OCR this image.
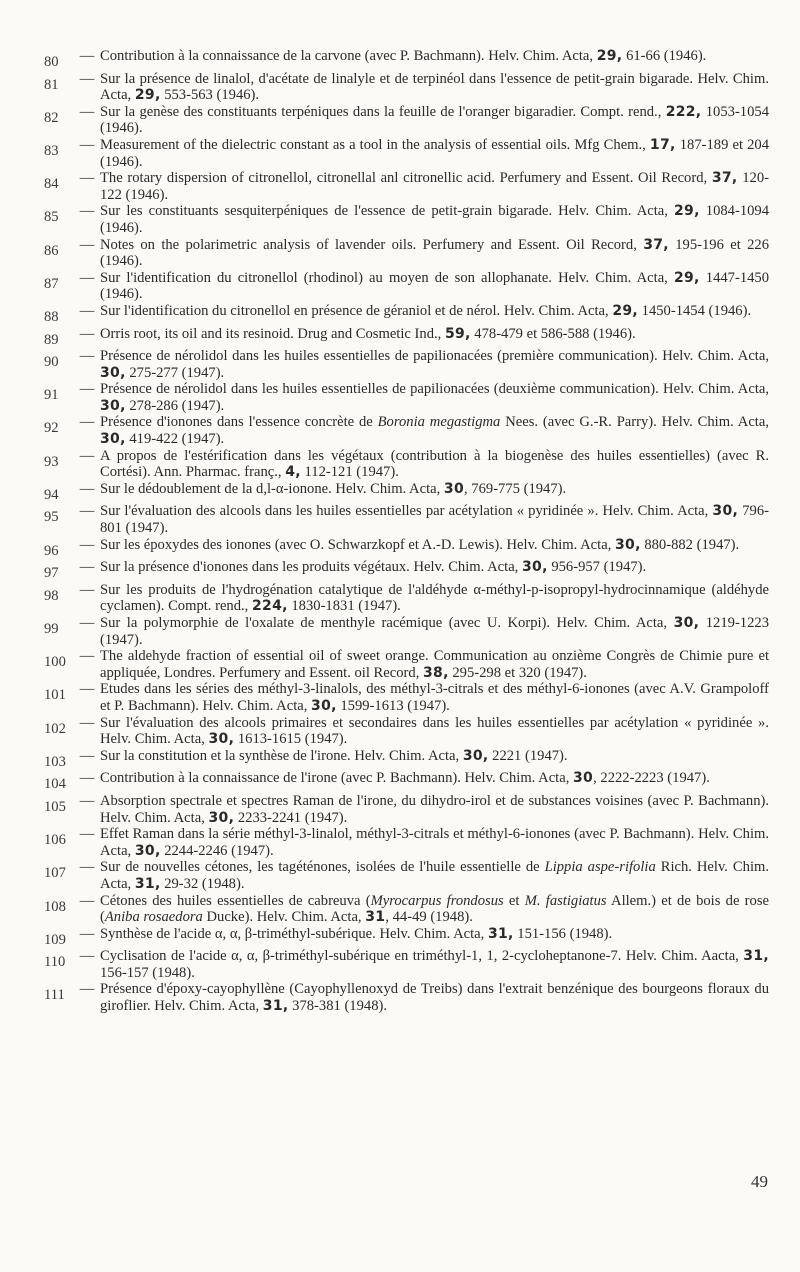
80	— Contribution à la connaissance de la carvone (avec P. Bachmann). Helv. Chim. Acta, 29, 61-66 (1946).
81	— Sur la présence de linalol, d'acétate de linalyle et de terpinéol dans l'essence de petit-grain bigarade. Helv. Chim. Acta, 29, 553-563 (1946).
82	— Sur la genèse des constituants terpéniques dans la feuille de l'oranger bigaradier. Compt. rend., 222, 1053-1054 (1946).
83	— Measurement of the dielectric constant as a tool in the analysis of essential oils. Mfg Chem., 17, 187-189 et 204 (1946).
84	— The rotary dispersion of citronellol, citronellal anl citronellic acid. Perfumery and Essent. Oil Record, 37, 120-122 (1946).
85	— Sur les constituants sesquiterpéniques de l'essence de petit-grain bigarade. Helv. Chim. Acta, 29, 1084-1094 (1946).
86	— Notes on the polarimetric analysis of lavender oils. Perfumery and Essent. Oil Record, 37, 195-196 et 226 (1946).
87	— Sur l'identification du citronellol (rhodinol) au moyen de son allophanate. Helv. Chim. Acta, 29, 1447-1450 (1946).
88	— Sur l'identification du citronellol en présence de géraniol et de nérol. Helv. Chim. Acta, 29, 1450-1454 (1946).
89	— Orris root, its oil and its resinoid. Drug and Cosmetic Ind., 59, 478-479 et 586-588 (1946).
90	— Présence de nérolidol dans les huiles essentielles de papilionacées (première communication). Helv. Chim. Acta, 30, 275-277 (1947).
91	— Présence de nérolidol dans les huiles essentielles de papilionacées (deuxième communication). Helv. Chim. Acta, 30, 278-286 (1947).
92	— Présence d'ionones dans l'essence concrète de Boronia megastigma Nees. (avec G.-R. Parry). Helv. Chim. Acta, 30, 419-422 (1947).
93	— A propos de l'estérification dans les végétaux (contribution à la biogenèse des huiles essentielles) (avec R. Cortési). Ann. Pharmac. franç., 4, 112-121 (1947).
94	— Sur le dédoublement de la d,l-α-ionone. Helv. Chim. Acta, 30, 769-775 (1947).
95	— Sur l'évaluation des alcools dans les huiles essentielles par acétylation « pyridinée ». Helv. Chim. Acta, 30, 796-801 (1947).
96	— Sur les époxydes des ionones (avec O. Schwarzkopf et A.-D. Lewis). Helv. Chim. Acta, 30, 880-882 (1947).
97	— Sur la présence d'ionones dans les produits végétaux. Helv. Chim. Acta, 30, 956-957 (1947).
98	— Sur les produits de l'hydrogénation catalytique de l'aldéhyde α-méthyl-p-isopropyl-hydrocinnamique (aldéhyde cyclamen). Compt. rend., 224, 1830-1831 (1947).
99	— Sur la polymorphie de l'oxalate de menthyle racémique (avec U. Korpi). Helv. Chim. Acta, 30, 1219-1223 (1947).
100 — The aldehyde fraction of essential oil of sweet orange. Communication au onzième Congrès de Chimie pure et appliquée, Londres. Perfumery and Essent. oil Record, 38, 295-298 et 320 (1947).
101 — Etudes dans les séries des méthyl-3-linalols, des méthyl-3-citrals et des méthyl-6-ionones (avec A.V. Grampoloff et P. Bachmann). Helv. Chim. Acta, 30, 1599-1613 (1947).
102 — Sur l'évaluation des alcools primaires et secondaires dans les huiles essentielles par acétylation « pyridinée ». Helv. Chim. Acta, 30, 1613-1615 (1947).
103 — Sur la constitution et la synthèse de l'irone. Helv. Chim. Acta, 30, 2221 (1947).
104 — Contribution à la connaissance de l'irone (avec P. Bachmann). Helv. Chim. Acta, 30, 2222-2223 (1947).
105 — Absorption spectrale et spectres Raman de l'irone, du dihydro-irol et de substances voisines (avec P. Bachmann). Helv. Chim. Acta, 30, 2233-2241 (1947).
106 — Effet Raman dans la série méthyl-3-linalol, méthyl-3-citrals et méthyl-6-ionones (avec P. Bachmann). Helv. Chim. Acta, 30, 2244-2246 (1947).
107 — Sur de nouvelles cétones, les tagéténones, isolées de l'huile essentielle de Lippia aspe-rifolia Rich. Helv. Chim. Acta, 31, 29-32 (1948).
108 — Cétones des huiles essentielles de cabreuva (Myrocarpus frondosus et M. fastigiatus Allem.) et de bois de rose (Aniba rosaedora Ducke). Helv. Chim. Acta, 31, 44-49 (1948).
109 — Synthèse de l'acide α, α, β-triméthyl-subérique. Helv. Chim. Acta, 31, 151-156 (1948).
110 — Cyclisation de l'acide α, α, β-triméthyl-subérique en triméthyl-1, 1, 2-cycloheptanone-7. Helv. Chim. Aacta, 31, 156-157 (1948).
111	— Présence d'époxy-cayophyllène (Cayophyllenoxyd de Treibs) dans l'extrait benzénique des bourgeons floraux du giroflier. Helv. Chim. Acta, 31, 378-381 (1948).
49
